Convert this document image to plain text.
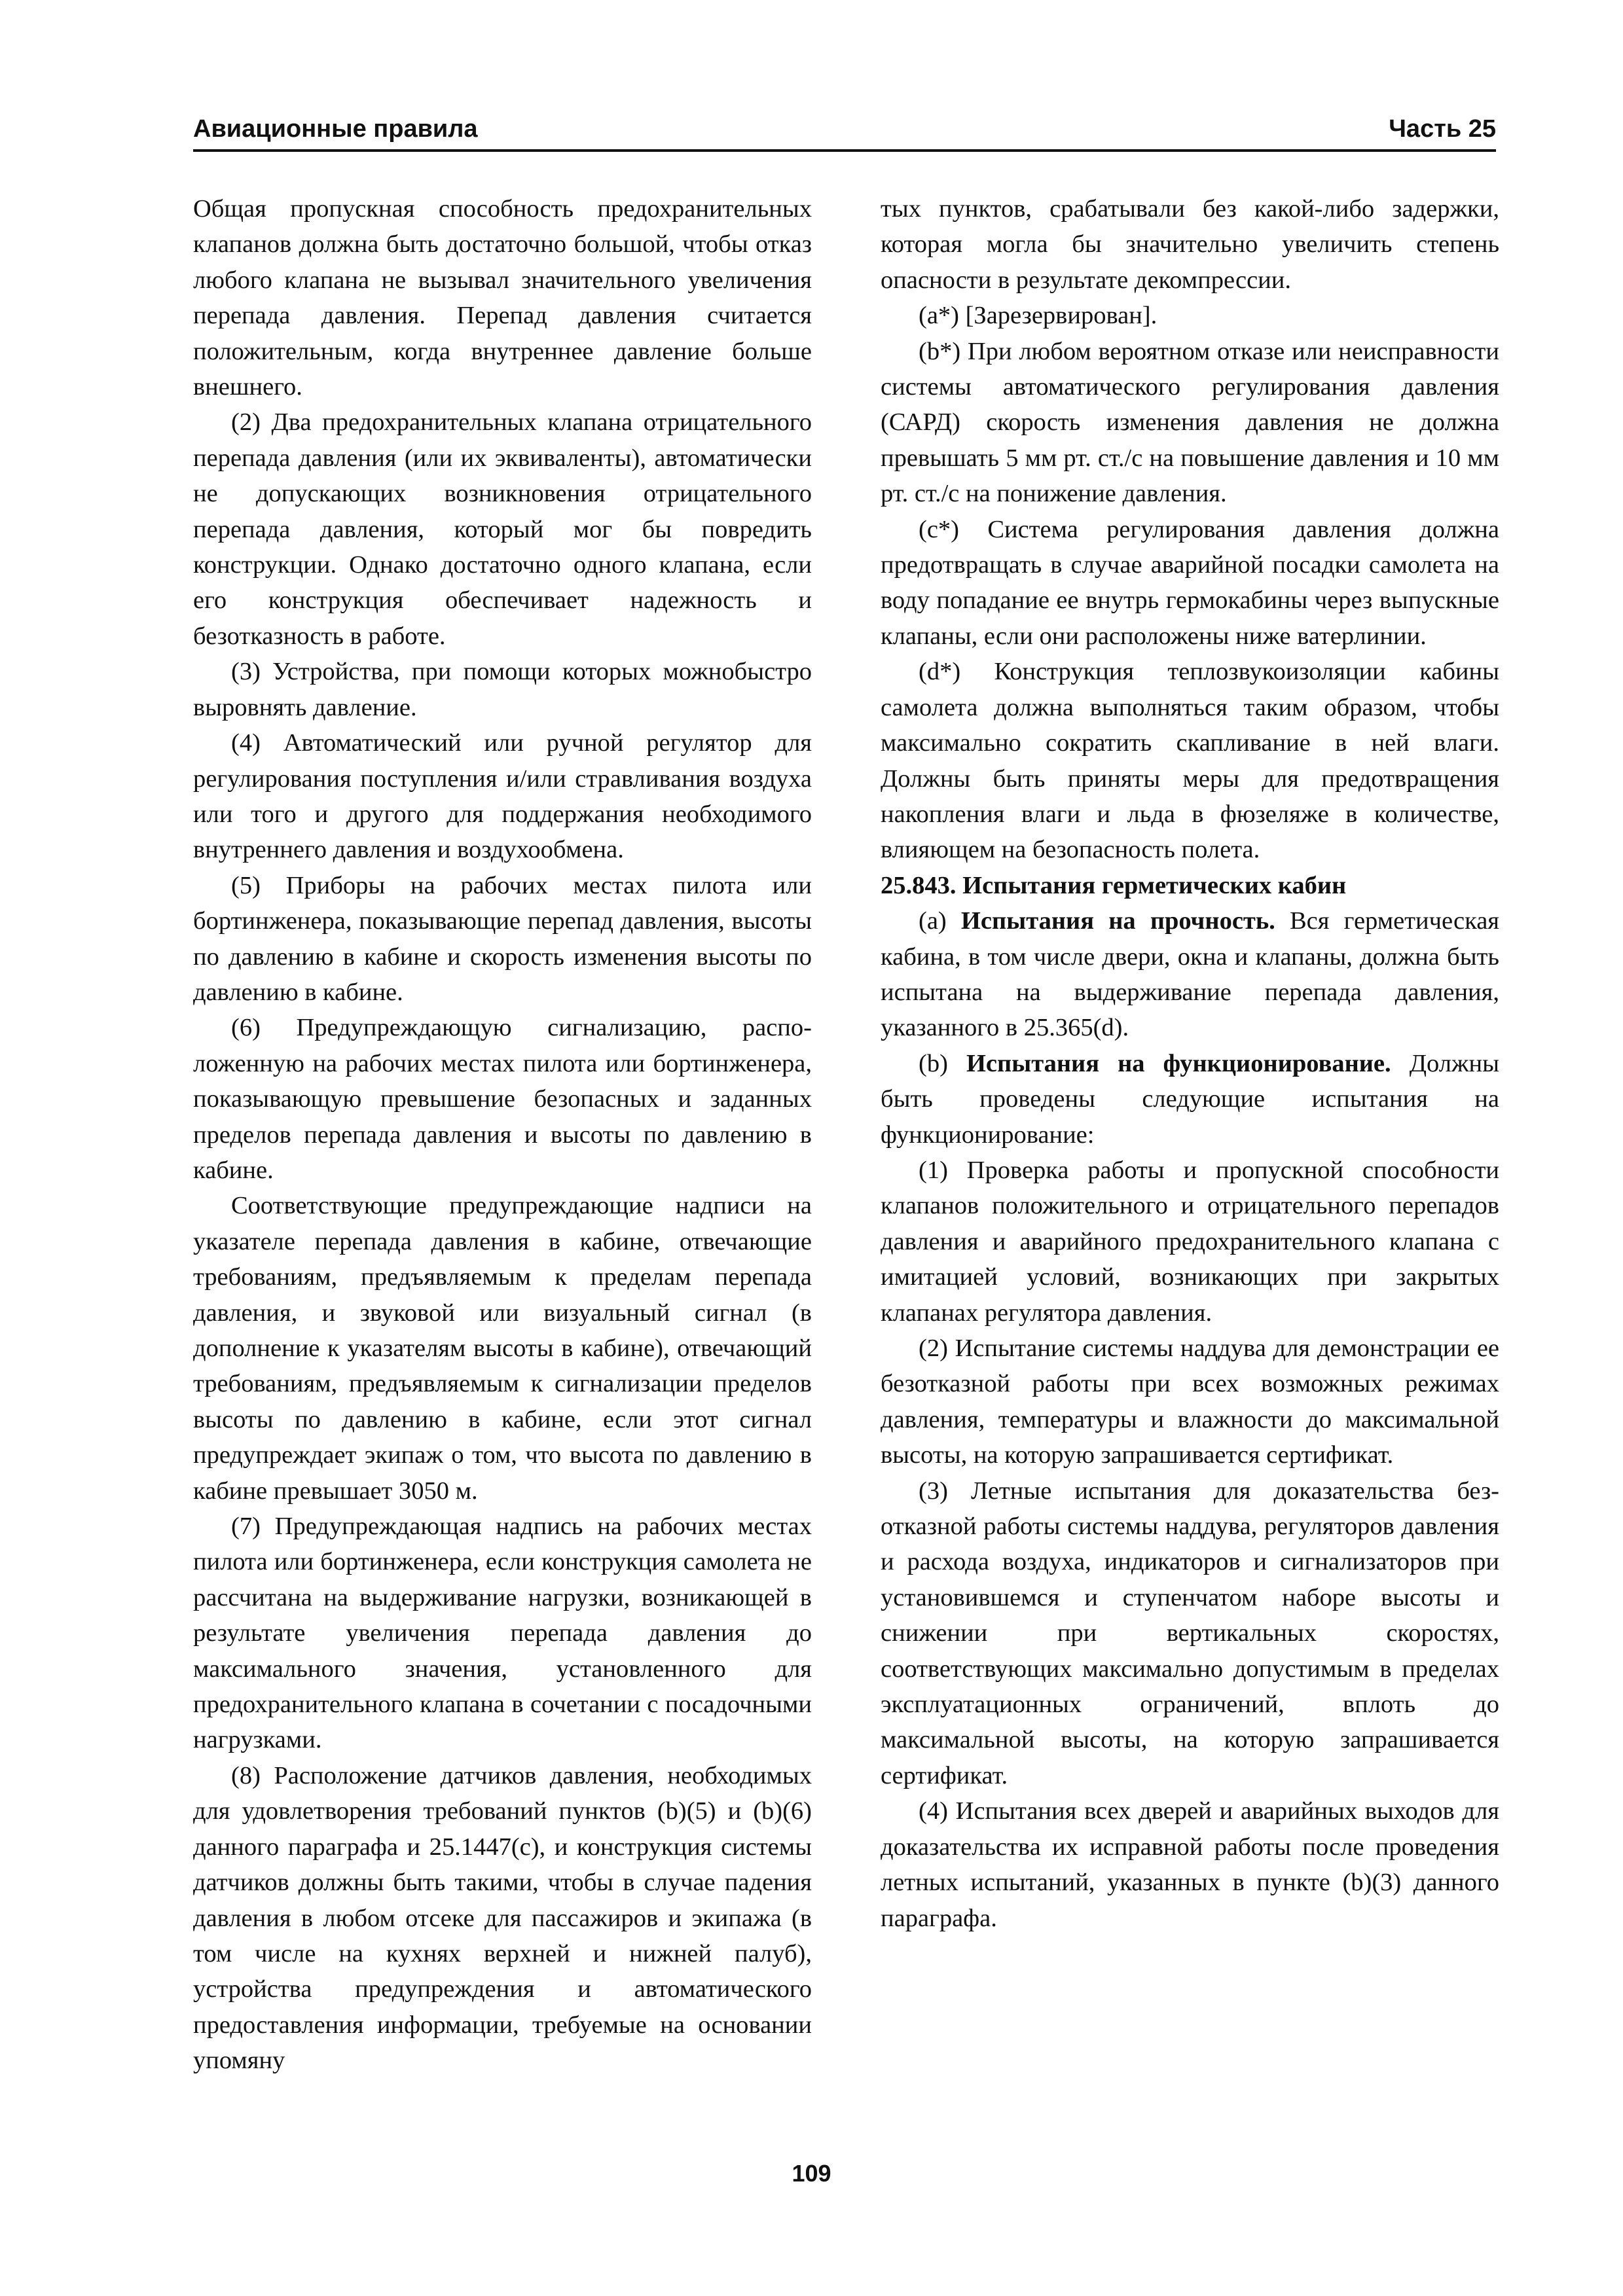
Авиационные правила	Часть 25

Общая пропускная способность предохранительных клапанов должна быть достаточно большой, чтобы отказ любого клапана не вызывал значительного увеличения перепада давления. Перепад давления считается положительным, когда внутреннее давление больше внешнего.

(2) Два предохранительных клапана отрицательного перепада давления (или их эквиваленты), автоматически не допускающих возникновения отрицательного перепада давления, который мог бы повредить конструкции. Однако достаточно одного клапана, если его конструкция обеспечивает надежность и безотказность в работе.

(3) Устройства, при помощи которых можнобыстро выровнять давление.

(4) Автоматический или ручной регулятор для регулирования поступления и/или стравливания воздуха или того и другого для поддержания необходимого внутреннего давления и воздухообмена.

(5) Приборы на рабочих местах пилота или бортинженера, показывающие перепад давления, высоты по давлению в кабине и скорость изменения высоты по давлению в кабине.

(6) Предупреждающую сигнализацию, расположенную на рабочих местах пилота или бортинженера, показывающую превышение безопасных и заданных пределов перепада давления и высоты по давлению в кабине.

Соответствующие предупреждающие надписи на указателе перепада давления в кабине, отвечающие требованиям, предъявляемым к пределам перепада давления, и звуковой или визуальный сигнал (в дополнение к указателям высоты в кабине), отвечающий требованиям, предъявляемым к сигнализации пределов высоты по давлению в кабине, если этот сигнал предупреждает экипаж о том, что высота по давлению в кабине превышает 3050 м.

(7) Предупреждающая надпись на рабочих местах пилота или бортинженера, если конструкция самолета не рассчитана на выдерживание нагрузки, возникающей в результате увеличения перепада давления до максимального значения, установленного для предохранительного клапана в сочетании с посадочными нагрузками.

(8) Расположение датчиков давления, необходимых для удовлетворения требований пунктов (b)(5) и (b)(6) данного параграфа и 25.1447(c), и конструкция системы датчиков должны быть такими, чтобы в случае падения давления в любом отсеке для пассажиров и экипажа (в том числе на кухнях верхней и нижней палуб), устройства предупреждения и автоматического предоставления информации, требуемые на основании упомяну

тых пунктов, срабатывали без какой-либо задержки, которая могла бы значительно увеличить степень опасности в результате декомпрессии.

(a*) [Зарезервирован].

(b*) При любом вероятном отказе или неисправности системы автоматического регулирования давления (САРД) скорость изменения давления не должна превышать 5 мм рт. ст./с на повышение давления и 10 мм рт. ст./с на понижение давления.

(c*) Система регулирования давления должна предотвращать в случае аварийной посадки самолета на воду попадание ее внутрь гермокабины через выпускные клапаны, если они расположены ниже ватерлинии.

(d*) Конструкция теплозвукоизоляции кабины самолета должна выполняться таким образом, чтобы максимально сократить скапливание в ней влаги. Должны быть приняты меры для предотвращения накопления влаги и льда в фюзеляже в количестве, влияющем на безопасность полета.

25.843. Испытания герметических кабин

(a) Испытания на прочность. Вся герметическая кабина, в том числе двери, окна и клапаны, должна быть испытана на выдерживание перепада давления, указанного в 25.365(d).

(b) Испытания на функционирование. Должны быть проведены следующие испытания на функционирование:

(1) Проверка работы и пропускной способности клапанов положительного и отрицательного перепадов давления и аварийного предохранительного клапана с имитацией условий, возникающих при закрытых клапанах регулятора давления.

(2) Испытание системы наддува для демонстрации ее безотказной работы при всех возможных режимах давления, температуры и влажности до максимальной высоты, на которую запрашивается сертификат.

(3) Летные испытания для доказательства безотказной работы системы наддува, регуляторов давления и расхода воздуха, индикаторов и сигнализаторов при установившемся и ступенчатом наборе высоты и снижении при вертикальных скоростях, соответствующих максимально допустимым в пределах эксплуатационных ограничений, вплоть до максимальной высоты, на которую запрашивается сертификат.

(4) Испытания всех дверей и аварийных выходов для доказательства их исправной работы после проведения летных испытаний, указанных в пункте (b)(3) данного параграфа.

109
